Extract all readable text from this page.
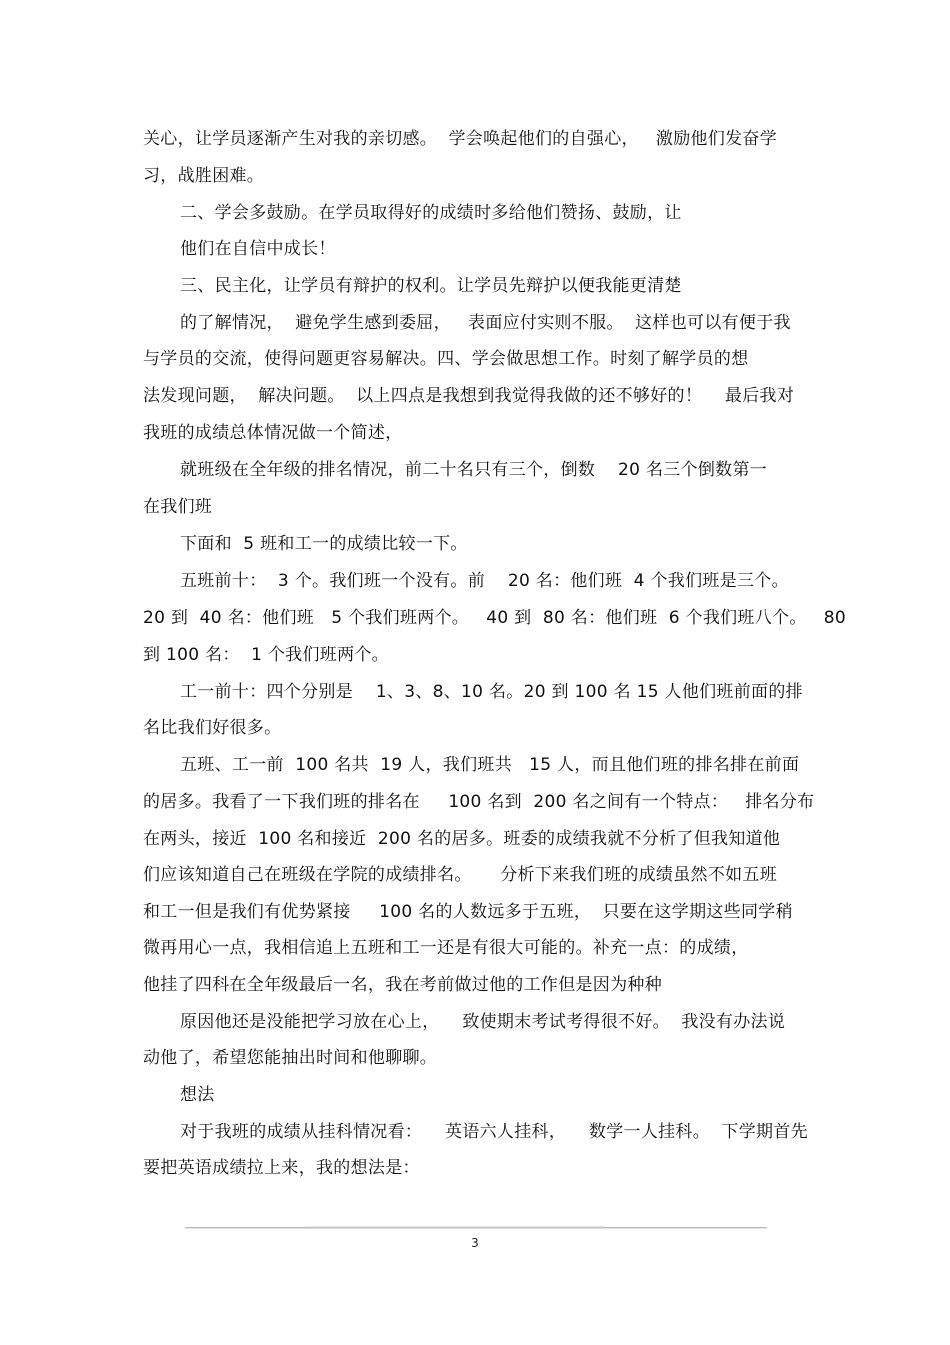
关心，让学员逐渐产生对我的亲切感。  学会唤起他们的自强心，   激励他们发奋学
习，战胜困难。
二、学会多鼓励。在学员取得好的成绩时多给他们赞扬、鼓励，让
他们在自信中成长！
三、民主化，让学员有辩护的权利。让学员先辩护以便我能更清楚
的了解情况，  避免学生感到委屈，   表面应付实则不服。  这样也可以有便于我
与学员的交流，使得问题更容易解决。四、学会做思想工作。时刻了解学员的想
法发现问题，  解决问题。  以上四点是我想到我觉得我做的还不够好的！    最后我对
我班的成绩总体情况做一个简述，
就班级在全年级的排名情况，前二十名只有三个，倒数    20 名三个倒数第一
在我们班
下面和  5 班和工一的成绩比较一下。
五班前十：  3 个。我们班一个没有。前    20 名：他们班  4 个我们班是三个。
20 到  40 名：他们班   5 个我们班两个。   40 到  80 名：他们班  6 个我们班八个。   80
到 100 名：  1 个我们班两个。
工一前十：四个分别是    1、3、8、10 名。20 到 100 名 15 人他们班前面的排
名比我们好很多。
五班、工一前  100 名共  19 人，我们班共   15 人，而且他们班的排名排在前面
的居多。我看了一下我们班的排名在     100 名到  200 名之间有一个特点：   排名分布
在两头，接近  100 名和接近  200 名的居多。班委的成绩我就不分析了但我知道他
们应该知道自己在班级在学院的成绩排名。     分析下来我们班的成绩虽然不如五班
和工一但是我们有优势紧接     100 名的人数远多于五班，  只要在这学期这些同学稍
微再用心一点，我相信追上五班和工一还是有很大可能的。补充一点：的成绩，
他挂了四科在全年级最后一名，我在考前做过他的工作但是因为种种
原因他还是没能把学习放在心上，    致使期末考试考得很不好。  我没有办法说
动他了，希望您能抽出时间和他聊聊。
想法
对于我班的成绩从挂科情况看：    英语六人挂科，    数学一人挂科。  下学期首先
要把英语成绩拉上来，我的想法是：
3
